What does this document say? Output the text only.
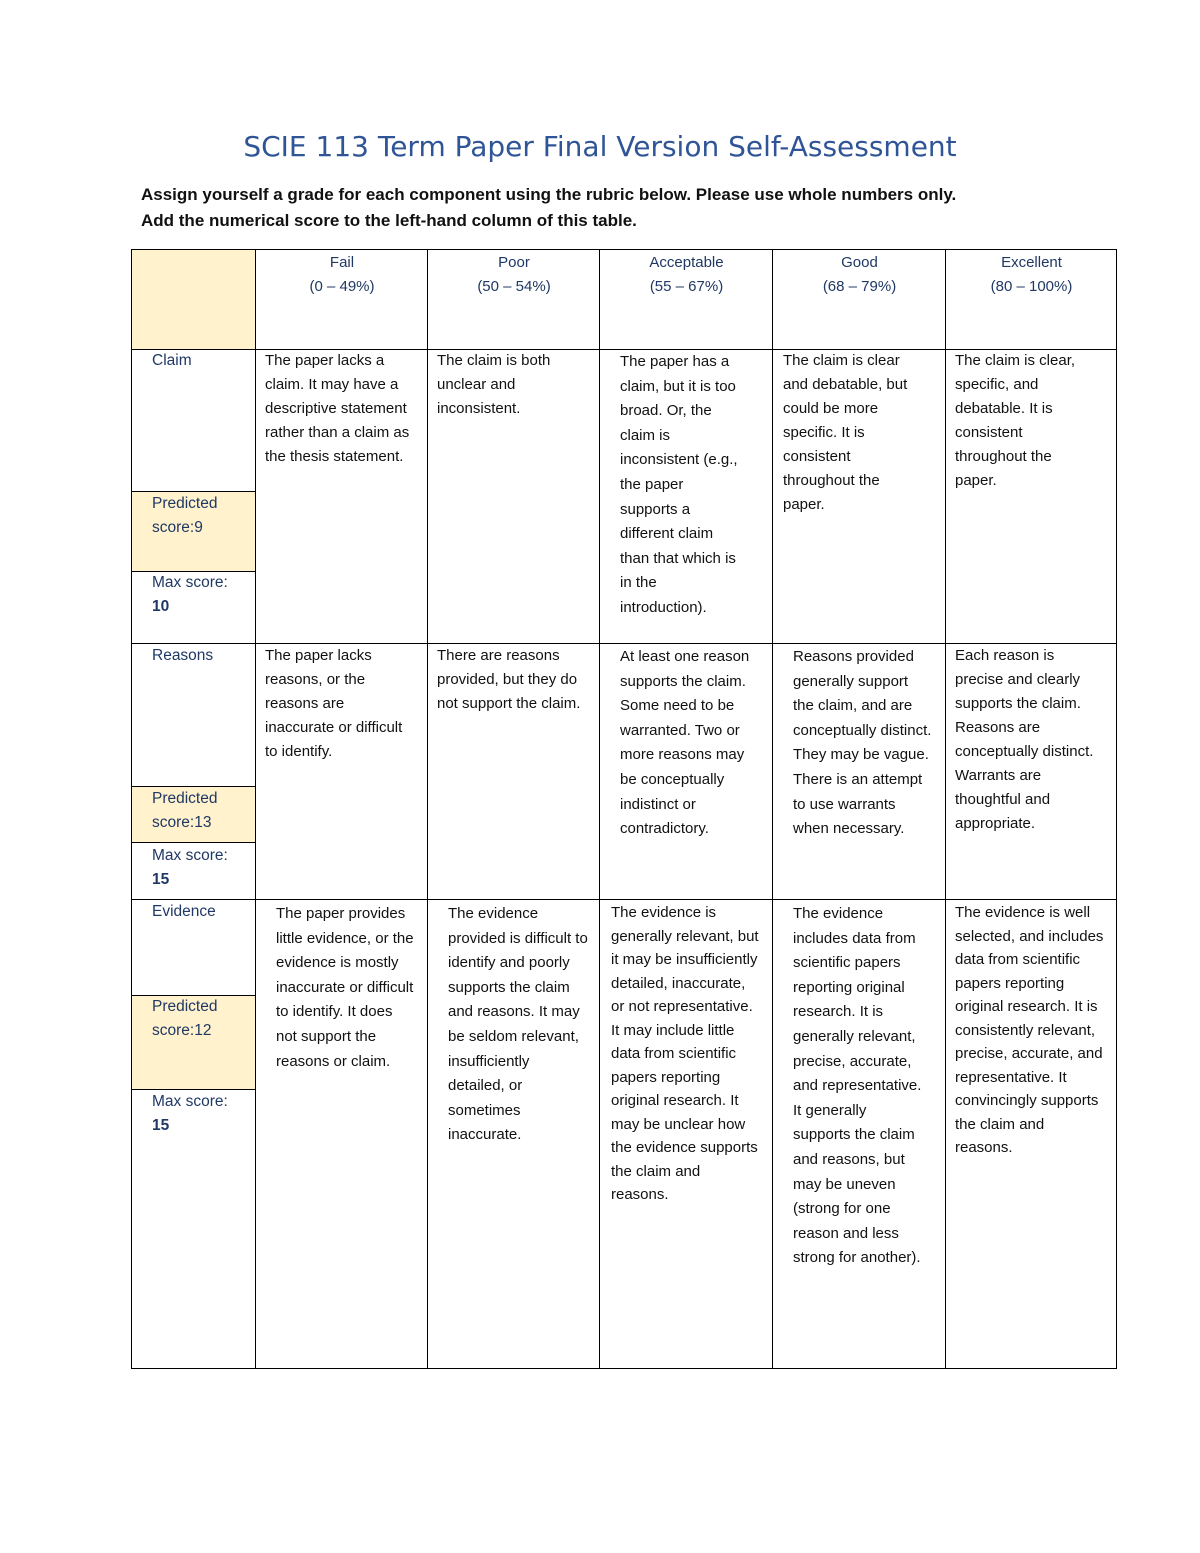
SCIE 113 Term Paper Final Version Self-Assessment
Assign yourself a grade for each component using the rubric below. Please use whole numbers only.
Add the numerical score to the left-hand column of this table.
Fail
(0 – 49%)
Poor
(50 – 54%)
Acceptable
(55 – 67%)
Good
(68 – 79%)
Excellent
(80 – 100%)
Claim
Predicted score:9
Max score:
10
The paper lacks a claim. It may have a descriptive statement rather than a claim as the thesis statement.
The claim is both unclear and inconsistent.
The paper has a claim, but it is too broad. Or, the claim is inconsistent (e.g., the paper supports a different claim than that which is in the introduction).
The claim is clear and debatable, but could be more specific. It is consistent throughout the paper.
The claim is clear, specific, and debatable. It is consistent throughout the paper.
Reasons
Predicted score:13
Max score:
15
The paper lacks reasons, or the reasons are inaccurate or difficult to identify.
There are reasons provided, but they do not support the claim.
At least one reason supports the claim. Some need to be warranted. Two or more reasons may be conceptually indistinct or contradictory.
Reasons provided generally support the claim, and are conceptually distinct. They may be vague. There is an attempt to use warrants when necessary.
Each reason is precise and clearly supports the claim. Reasons are conceptually distinct. Warrants are thoughtful and appropriate.
Evidence
Predicted score:12
Max score:
15
The paper provides little evidence, or the evidence is mostly inaccurate or difficult to identify. It does not support the reasons or claim.
The evidence provided is difficult to identify and poorly supports the claim and reasons. It may be seldom relevant, insufficiently detailed, or sometimes inaccurate.
The evidence is generally relevant, but it may be insufficiently detailed, inaccurate, or not representative. It may include little data from scientific papers reporting original research. It may be unclear how the evidence supports the claim and reasons.
The evidence includes data from scientific papers reporting original research. It is generally relevant, precise, accurate, and representative. It generally supports the claim and reasons, but may be uneven (strong for one reason and less strong for another).
The evidence is well selected, and includes data from scientific papers reporting original research. It is consistently relevant, precise, accurate, and representative. It convincingly supports the claim and reasons.
